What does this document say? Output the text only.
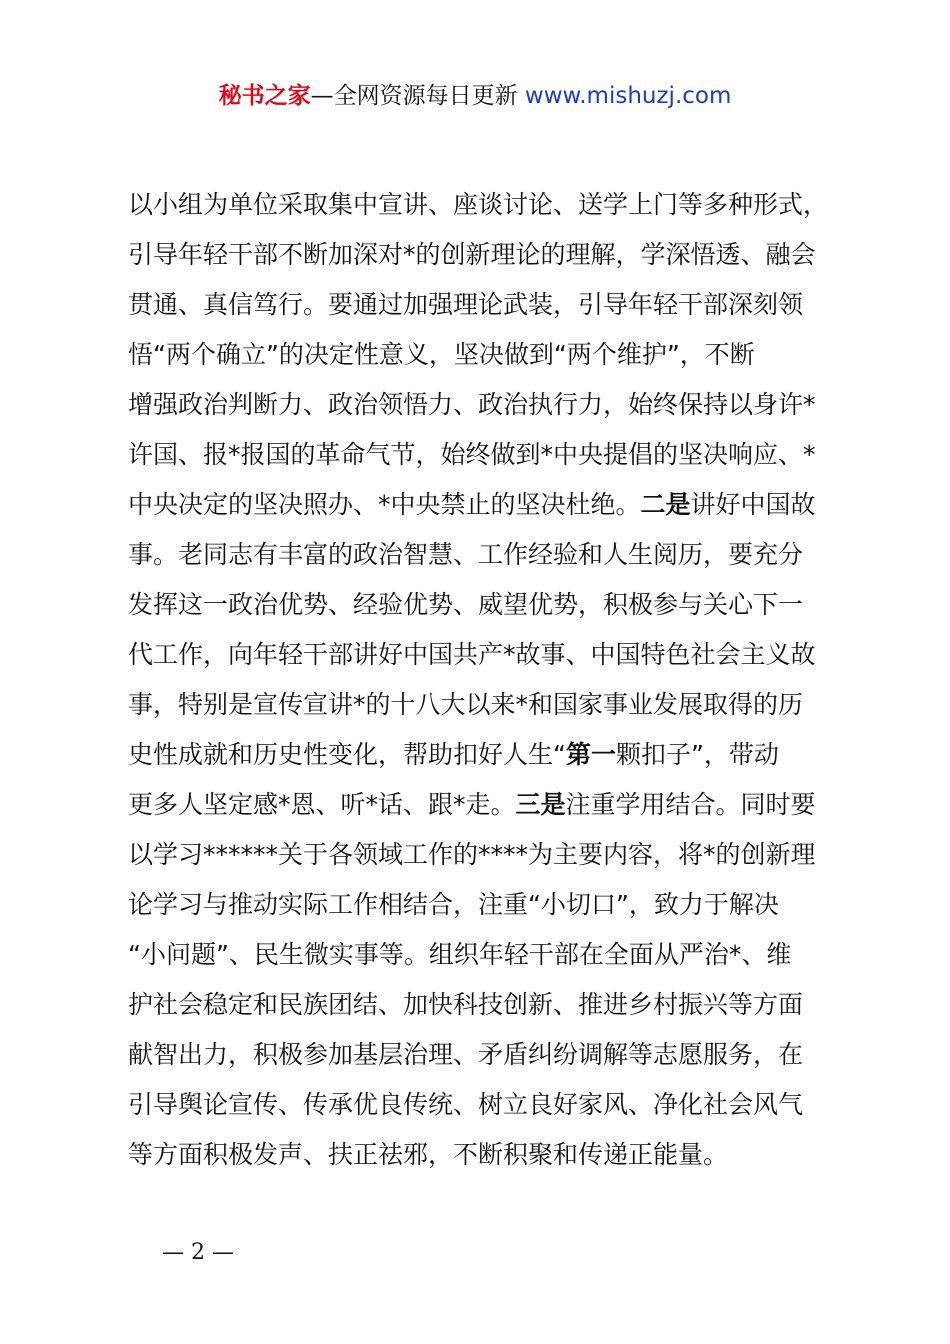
秘书之家—全网资源每日更新 www.mishuzj.com
以小组为单位采取集中宣讲、座谈讨论、送学上门等多种形式，
引导年轻干部不断加深对*的创新理论的理解，学深悟透、融会
贯通、真信笃行。要通过加强理论武装，引导年轻干部深刻领
悟“两个确立”的决定性意义，坚决做到“两个维护”，不断
增强政治判断力、政治领悟力、政治执行力，始终保持以身许*
许国、报*报国的革命气节，始终做到*中央提倡的坚决响应、*
中央决定的坚决照办、*中央禁止的坚决杜绝。二是讲好中国故
事。老同志有丰富的政治智慧、工作经验和人生阅历，要充分
发挥这一政治优势、经验优势、威望优势，积极参与关心下一
代工作，向年轻干部讲好中国共产*故事、中国特色社会主义故
事，特别是宣传宣讲*的十八大以来*和国家事业发展取得的历
史性成就和历史性变化，帮助扣好人生“第一颗扣子”，带动
更多人坚定感*恩、听*话、跟*走。三是注重学用结合。同时要
以学习******关于各领域工作的****为主要内容，将*的创新理
论学习与推动实际工作相结合，注重“小切口”，致力于解决
“小问题”、民生微实事等。组织年轻干部在全面从严治*、维
护社会稳定和民族团结、加快科技创新、推进乡村振兴等方面
献智出力，积极参加基层治理、矛盾纠纷调解等志愿服务，在
引导舆论宣传、传承优良传统、树立良好家风、净化社会风气
等方面积极发声、扶正祛邪，不断积聚和传递正能量。
— 2 —
